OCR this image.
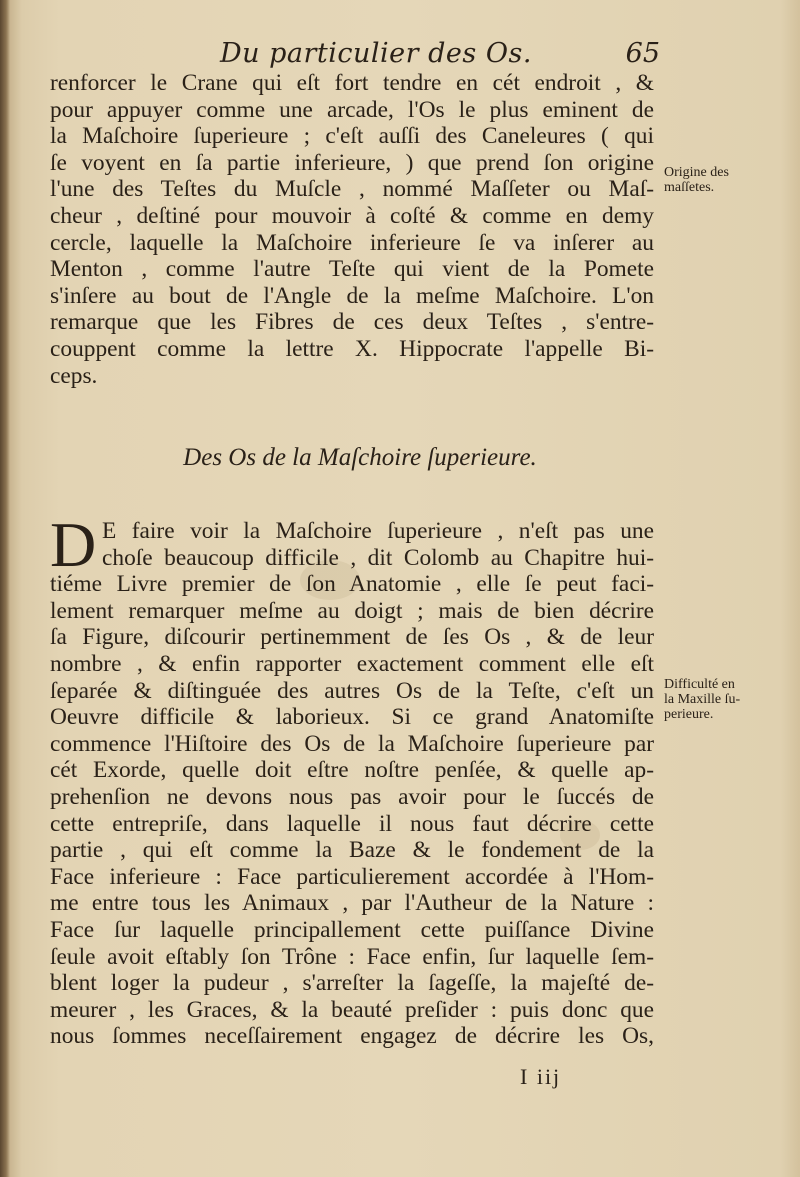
Du particulier des Os.	65
renforcer le Crane qui eſt fort tendre en cét endroit , &
pour appuyer comme une arcade, l'Os le plus eminent de
la Maſchoire ſuperieure ; c'eſt auſſi des Caneleures ( qui
ſe voyent en ſa partie inferieure, ) que prend ſon origine
l'une des Teſtes du Muſcle , nommé Maſſeter ou Maſ-
cheur , deſtiné pour mouvoir à coſté & comme en demy
cercle, laquelle la Maſchoire inferieure ſe va inſerer au
Menton , comme l'autre Teſte qui vient de la Pomete
s'inſere au bout de l'Angle de la meſme Maſchoire. L'on
remarque que les Fibres de ces deux Teſtes , s'entre-
couppent comme la lettre X. Hippocrate l'appelle Bi-
ceps.
Origine des
maſſetes.
Des Os de la Maſchoire ſuperieure.
D E faire voir la Maſchoire ſuperieure , n'eſt pas une
choſe beaucoup difficile , dit Colomb au Chapitre hui-
tiéme Livre premier de ſon Anatomie , elle ſe peut faci-
lement remarquer meſme au doigt ; mais de bien décrire
ſa Figure, diſcourir pertinemment de ſes Os , & de leur
nombre , & enfin rapporter exactement comment elle eſt
ſeparée & diſtinguée des autres Os de la Teſte, c'eſt un
Oeuvre difficile & laborieux. Si ce grand Anatomiſte
commence l'Hiſtoire des Os de la Maſchoire ſuperieure par
cét Exorde, quelle doit eſtre noſtre penſée, & quelle ap-
prehenſion ne devons nous pas avoir pour le ſuccés de
cette entrepriſe, dans laquelle il nous faut décrire cette
partie , qui eſt comme la Baze & le fondement de la
Face inferieure : Face particulierement accordée à l'Hom-
me entre tous les Animaux , par l'Autheur de la Nature :
Face ſur laquelle principallement cette puiſſance Divine
ſeule avoit eſtably ſon Trône : Face enfin, ſur laquelle ſem-
blent loger la pudeur , s'arreſter la ſageſſe, la majeſté de-
meurer , les Graces, & la beauté preſider : puis donc que
nous ſommes neceſſairement engagez de décrire les Os,
Difficulté en
la Maxille ſu-
perieure.
I iij
